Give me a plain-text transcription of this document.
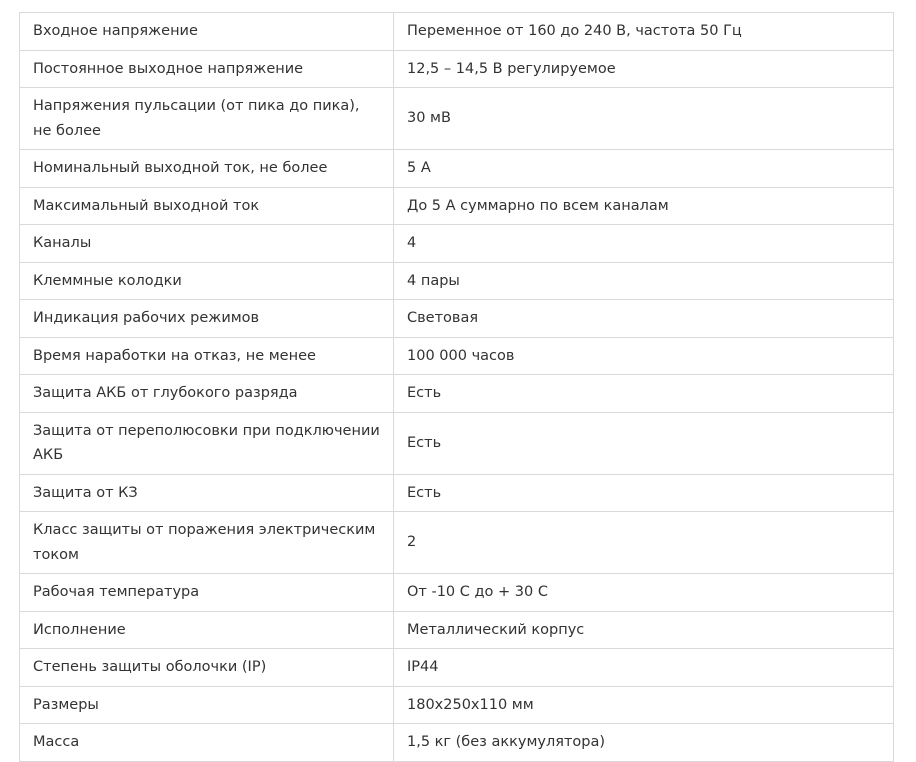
Входное напряжение	Переменное от 160 до 240 В, частота 50 Гц
Постоянное выходное напряжение	12,5 – 14,5 В регулируемое
Напряжения пульсации (от пика до пика), не более	30 мВ
Номинальный выходной ток, не более	5 А
Максимальный выходной ток	До 5 А суммарно по всем каналам
Каналы	4
Клеммные колодки	4 пары
Индикация рабочих режимов	Световая
Время наработки на отказ, не менее	100 000 часов
Защита АКБ от глубокого разряда	Есть
Защита от переполюсовки при подключении АКБ	Есть
Защита от КЗ	Есть
Класс защиты от поражения электрическим током	2
Рабочая температура	От -10 С до + 30 С
Исполнение	Металлический корпус
Степень защиты оболочки (IP)	IP44
Размеры	180х250х110 мм
Масса	1,5 кг (без аккумулятора)
